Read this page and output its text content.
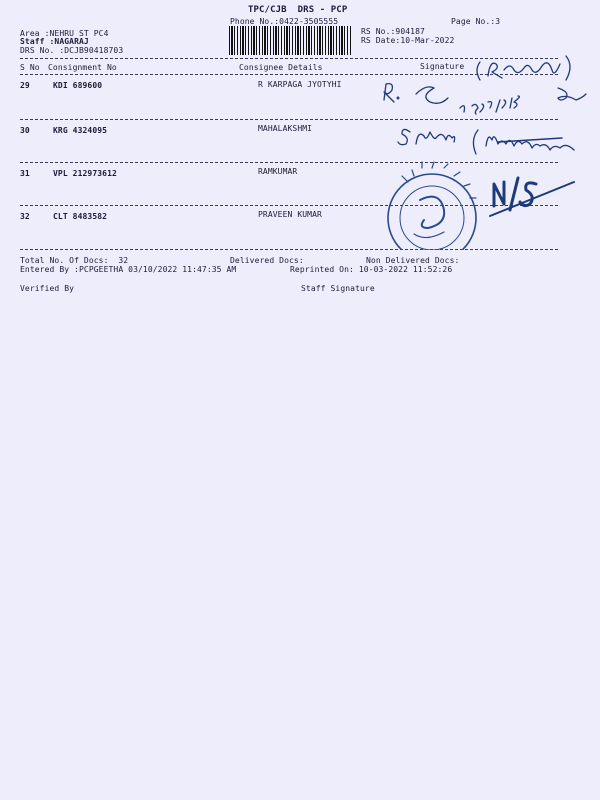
TPC/CJB  DRS - PCP
Phone No.:0422-3505555	Page No.:3
Area :NEHRU ST PC4
Staff :NAGARAJ
DRS No. :DCJB90418703
RS No.:904187
RS Date:10-Mar-2022
S No Consignment No	Consignee Details	Signature
29	KDI 689600	R KARPAGA JYOTYHI
30	KRG 4324095	MAHALAKSHMI
31	VPL 212973612	RAMKUMAR
32	CLT 8483582	PRAVEEN KUMAR
Total No. Of Docs:  32	Delivered Docs:	Non Delivered Docs:
Entered By :PCPGEETHA 03/10/2022 11:47:35 AM	Reprinted On: 10-03-2022 11:52:26
Verified By	Staff Signature
